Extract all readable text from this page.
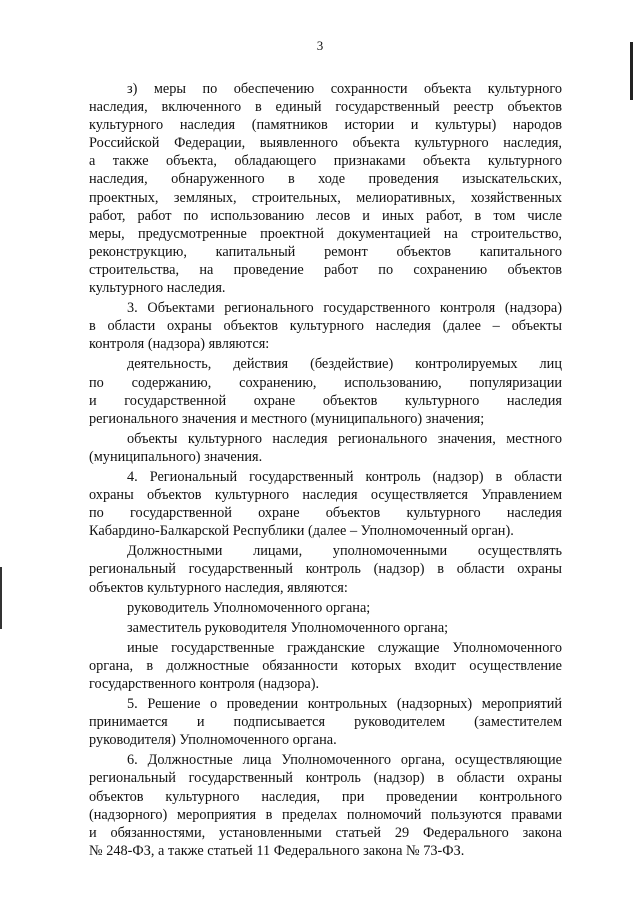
3
з) меры по обеспечению сохранности объекта культурного
наследия, включенного в единый государственный реестр объектов
культурного наследия (памятников истории и культуры) народов
Российской Федерации, выявленного объекта культурного наследия,
а также объекта, обладающего признаками объекта культурного
наследия, обнаруженного в ходе проведения изыскательских,
проектных, земляных, строительных, мелиоративных, хозяйственных
работ, работ по использованию лесов и иных работ, в том числе
меры, предусмотренные проектной документацией на строительство,
реконструкцию, капитальный ремонт объектов капитального
строительства, на проведение работ по сохранению объектов
культурного наследия.
3. Объектами регионального государственного контроля (надзора)
в области охраны объектов культурного наследия (далее – объекты
контроля (надзора) являются:
деятельность, действия (бездействие) контролируемых лиц
по содержанию, сохранению, использованию, популяризации
и государственной охране объектов культурного наследия
регионального значения и местного (муниципального) значения;
объекты культурного наследия регионального значения, местного
(муниципального) значения.
4. Региональный государственный контроль (надзор) в области
охраны объектов культурного наследия осуществляется Управлением
по государственной охране объектов культурного наследия
Кабардино-Балкарской Республики (далее – Уполномоченный орган).
Должностными лицами, уполномоченными осуществлять
региональный государственный контроль (надзор) в области охраны
объектов культурного наследия, являются:
руководитель Уполномоченного органа;
заместитель руководителя Уполномоченного органа;
иные государственные гражданские служащие Уполномоченного
органа, в должностные обязанности которых входит осуществление
государственного контроля (надзора).
5. Решение о проведении контрольных (надзорных) мероприятий
принимается и подписывается руководителем (заместителем
руководителя) Уполномоченного органа.
6. Должностные лица Уполномоченного органа, осуществляющие
региональный государственный контроль (надзор) в области охраны
объектов культурного наследия, при проведении контрольного
(надзорного) мероприятия в пределах полномочий пользуются правами
и обязанностями, установленными статьей 29 Федерального закона
№ 248-ФЗ, а также статьей 11 Федерального закона № 73-ФЗ.
